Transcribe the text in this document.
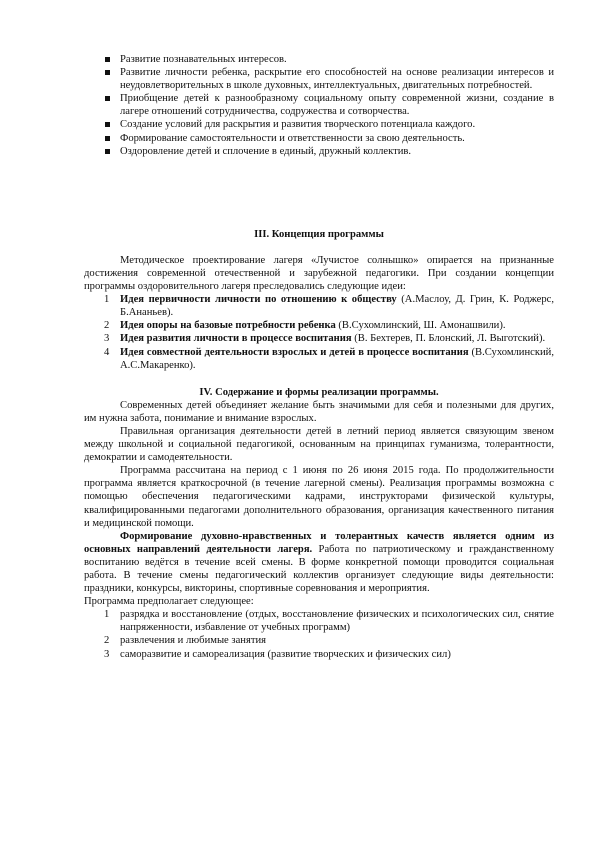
Развитие познавательных интересов.
Развитие личности ребенка, раскрытие его способностей на основе реализации интересов и неудовлетворительных в школе духовных, интеллектуальных, двигательных потребностей.
Приобщение детей к разнообразному социальному опыту современной жизни, создание в лагере отношений сотрудничества, содружества и сотворчества.
Создание условий для раскрытия и развития творческого потенциала каждого.
Формирование самостоятельности и ответственности за свою деятельность.
Оздоровление детей и сплочение в единый, дружный коллектив.
III. Концепция программы

Методическое проектирование лагеря «Лучистое солнышко» опирается на признанные достижения современной отечественной и зарубежной педагогики. При создании концепции программы оздоровительного лагеря преследовались следующие идеи:

1 Идея первичности личности по отношению к обществу (А.Маслоу, Д. Грин, К. Роджерс, Б.Ананьев).
2 Идея опоры на базовые потребности ребенка (В.Сухомлинский, Ш. Амонашвили).
3 Идея развития личности в процессе воспитания (В. Бехтерев, П. Блонский, Л. Выготский).
4 Идея совместной деятельности взрослых и детей в процессе воспитания (В.Сухомлинский, А.С.Макаренко).
IV. Содержание и формы реализации программы.

Современных детей объединяет желание быть значимыми для себя и полезными для других, им нужна забота, понимание и внимание взрослых.

Правильная организация деятельности детей в летний период является связующим звеном между школьной и социальной педагогикой, основанным на принципах гуманизма, толерантности, демократии и самодеятельности.

Программа рассчитана на период с 1 июня по 26 июня 2015 года. По продолжительности программа является краткосрочной (в течение лагерной смены). Реализация программы возможна с помощью обеспечения педагогическими кадрами, инструкторами физической культуры, квалифицированными педагогами дополнительного образования, организация качественного питания и медицинской помощи.

Формирование духовно-нравственных и толерантных качеств является одним из основных направлений деятельности лагеря. Работа по патриотическому и гражданственному воспитанию ведётся в течение всей смены. В форме конкретной помощи проводится социальная работа. В течение смены педагогический коллектив организует следующие виды деятельности: праздники, конкурсы, викторины, спортивные соревнования и мероприятия.

Программа предполагает следующее:

1 разрядка и восстановление (отдых, восстановление физических и психологических сил, снятие напряженности, избавление от учебных программ)
2 развлечения и любимые занятия
3 саморазвитие и самореализация (развитие творческих и физических сил)
